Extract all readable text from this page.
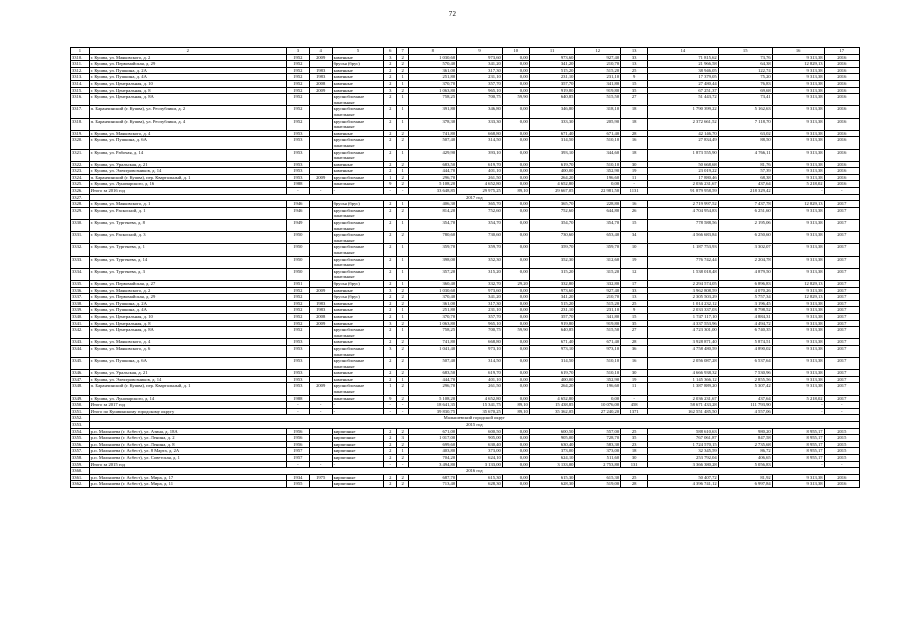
72
1	2	3	4	5	6	7	8	9	10	11	12	13	14	15	16	17
3310.	г. Кушва, ул. Маяковского, д. 2	1952	2009	каменные	3	2	1 030,60	973,60	0,00	973,60	927,40	33	71 815,62	73,76	9 313,38	2016
3311.	г. Кушва, ул. Первомайская, д. 29	1952		брусья (брус)	2	2	570,40	341,20	0,00	341,20	210,70	13	21 966,58	64,38	12 829,13	2016
3312.	г. Кушва, ул. Пушкина, д. 2А	1952	1983	каменные	2	2	361,00	317,30	0,00	515,20	515,20	25	38 946,05	122,74	9 313,38	2016
3313.	г. Кушва, ул. Пушкина, д. 4А	1952	1983	каменные	2	1	251,80	231,10	0,00	231,10	231,10	9	17 379,05	75,20	9 313,38	2016
3314.	г. Кушва, ул. Центральная, д. 10	1952	2008	каменные	2	1	370,70	357,70	0,00	357,70	341,80	15	27 480,44	76,83	9 313,38	2016
3315.	г. Кушва, ул. Центральная, д. 8	1952	2009	каменные	3	2	1 063,80	965,10	0,00	919,80	919,80	35	67 251,37	69,68	9 313,38	2016
3316.	г. Кушва, ул. Центральная, д. 8А	1952		крупноблочные панельные	2	1	758,25	700,75	59,90	640,85	515,50	27	51 443,72	73,41	9 313,38	2016
3317.	п. Баранчинский (г. Кушва), ул. Республики, д. 2	1952		крупноблочные панельные	2	1	391,80	346,80	0,00	346,80	318,10	18	1 790 399,22	5 162,63	9 313,38	2016
3318.	п. Баранчинский (г. Кушва), ул. Республики, д. 4	1952		крупноблочные панельные	2	1	378,30	333,30	0,00	333,30	205,90	18	2 372 661,52	7 118,70	9 313,38	2016
3319.	г. Кушва, ул. Маяковского, д. 4	1953		каменные	2	2	741,80	668,80	0,00	671,40	671,40	28	42 146,70	63,02	9 313,38	2016
3320.	г. Кушва, ул. Пушкина, д. 6А	1953		крупноблочные панельные	2	2	507,40	314,50	0,00	314,50	510,10	16	27 834,49	88,50	9 313,38	2016
3321.	г. Кушва, ул. Рабочая, д. 14	1953		крупноблочные панельные	2	1	429,90	393,10	0,00	393,10	344,60	18	1 873 555,90	4 766,11	9 313,38	2016
3322.	г. Кушва, ул. Уральская, д. 21	1953		каменные	2	2	683,50	619,70	0,00	619,70	510,10	30	50 668,68	81,76	9 313,38	2016
3323.	г. Кушва, ул. Электровозников, д. 14	1953		каменные	2	1	444,70	401,10	0,00	400,00	352,90	19	23 019,22	57,39	9 313,38	2016
3324.	п. Баранчинский (г. Кушва), пер. Квартальный, д. 1	1953	2009	крупноблочные	1	2	296,70	261,50	0,00	264,20	196,60	11	17 880,46	68,38	9 313,38	2016
3325.	г. Кушва, ул. Луначарского, д. 16	1988		панельные	9	2	5 108,20	4 652,80	0,00	4 652,80	0,00	-	2 036 231,67	437,64	5 218,02	2016
3326.	Итого за 2016 год	-	-	-	-	-	33 648,85	29 975,25	89,10	29 667,05	22 981,50	1131	91 879 958,59	218 329,42	-	-
3327.	2017 год															
3328.	г. Кушва, ул. Маяковского, д. 1	1946		брусья (брус)	2	1	406,30	365,70	0,00	365,70	228,80	16	2 719 997,52	7 437,78	12 829,13	2017
3329.	г. Кушва, ул. Раскосной, д. 1	1946		крупноблочные панельные	2	2	814,20	752,60	0,00	752,60	644,80	26	4 704 954,83	6 251,60	9 313,38	2017
3330.	г. Кушва, ул. Тургенева, д. 8	1949		крупноблочные панельные	2	1	354,70	354,70	0,00	354,70	354,70	15	778 588,56	2 195,06	9 313,38	2017
3331.	г. Кушва, ул. Раскосной, д. 3	1950		крупноблочные панельные	2	2	780,60	730,60	0,00	730,60	653,40	34	4 566 683,84	6 250,60	9 313,38	2017
3332.	г. Кушва, ул. Тургенева, д. 1	1950		крупноблочные панельные	2	1	359,70	359,70	0,00	359,70	359,70	10	1 187 753,93	3 302,07	9 313,38	2017
3333.	г. Кушва, ул. Тургенева, д. 14	1950		крупноблочные панельные	2	1	398,00	352,30	0,00	352,30	312,60	19	776 742,44	2 204,78	9 313,38	2017
3334.	г. Кушва, ул. Тургенева, д. 3	1950		крупноблочные панельные	2	1	357,20	315,20	0,00	315,20	315,20	12	1 538 018,48	4 879,50	9 313,38	2017
3335.	г. Кушва, ул. Первомайская, д. 27	1951		брусья (брус)	2	1	360,40	332,70	29,20	332,80	332,80	17	2 294 574,05	6 896,83	12 829,13	2017
3336.	г. Кушва, ул. Маяковского, д. 2	1952	2009	каменные	3	2	1 030,60	973,60	0,00	973,60	927,40	33	3 962 808,59	4 070,26	9 313,38	2017
3337.	г. Кушва, ул. Первомайская, д. 29	1952		брусья (брус)	2	2	370,40	341,20	0,00	341,20	210,70	13	2 305 503,29	5 757,34	12 829,13	2017
3338.	г. Кушва, ул. Пушкина, д. 2А	1952	1983	каменные	2	2	361,00	317,30	0,00	515,20	515,20	25	1 014 232,12	3 196,45	9 313,38	2017
3339.	г. Кушва, ул. Пушкина, д. 4А	1952	1983	каменные	2	1	251,80	231,10	0,00	231,10	231,10	9	2 033 337,03	8 798,52	9 313,38	2017
3340.	г. Кушва, ул. Центральная, д. 10	1952	2008	каменные	2	1	370,70	357,70	0,00	357,70	341,80	15	1 747 117,10	4 884,31	9 313,38	2017
3341.	г. Кушва, ул. Центральная, д. 8	1952	2009	каменные	3	2	1 063,80	965,10	0,00	919,80	919,80	35	4 337 553,96	4 494,72	9 313,38	2017
3342.	г. Кушва, ул. Центральная, д. 8А	1952		крупноблочные панельные	2	1	758,25	700,75	59,90	640,85	515,50	27	4 723 301,00	6 740,35	9 313,38	2017
3343.	г. Кушва, ул. Маяковского, д. 4	1953		каменные	2	2	741,80	668,80	0,00	671,40	671,40	28	3 928 871,40	5 874,51	9 313,38	2017
3344.	г. Кушва, ул. Маяковского, д. 6	1953		крупноблочные панельные	3	2	1 041,40	973,10	0,00	973,10	973,10	36	4 758 480,59	4 890,02	9 313,38	2017
3345.	г. Кушва, ул. Пушкина, д. 6А	1953		крупноблочные панельные	2	2	507,40	314,50	0,00	314,50	510,10	16	2 056 087,28	6 537,64	9 313,38	2017
3346.	г. Кушва, ул. Уральская, д. 21	1953		каменные	2	2	683,50	619,70	0,00	619,70	510,10	30	4 666 938,32	7 530,96	9 313,38	2017
3347.	г. Кушва, ул. Электровозников, д. 14	1953		каменные	2	1	444,70	401,10	0,00	400,00	352,90	19	1 145 366,12	2 855,56	9 313,38	2017
3348.	п. Баранчинский (г. Кушва), пер. Квартальный, д. 1	1953	2009	крупноблочные панельные	1	2	296,70	261,50	0,00	264,20	196,60	11	1 387 889,20	5 307,42	9 313,38	2017
3349.	г. Кушва, ул. Луначарского, д. 14	1988		панельные	9	2	5 108,20	4 652,80	0,00	4 652,80	0,00	-	2 036 231,67	437,64	5 218,02	2017
3350.	Итого за 2017 год	-	-	-	-	-	18 641,35	15 341,75	89,10	15 438,85	10 076,00	458	58 671 433,28	111 793,90	-	-
3351.	Итого по Кушвинскому городскому округу	-	-	-	-	-	39 830,75	35 670,25	89,10	35 362,05	27 240,20	1371	162 551 485,50	4 557,06	-	-
3352.	Малышевский городской округ															
3353.	2015 год															
3354.	р.п. Малышева (г. Асбест), ул. Азина, д. 18А	1956		кирпичные	2	2	671,00	600,50	0,00	600,50	557,00	25	588 610,63	980,20	8 955,17	2015
3355.	р.п. Малышева (г. Асбест), ул. Ленина, д. 2	1956		кирпичные	2	3	1 017,00	905,00	0,00	905,00	728,70	35	767 061,87	847,58	8 955,17	2015
3356.	р.п. Малышева (г. Асбест), ул. Ленина, д. 8	1956		кирпичные	2	2	699,60	630,40	0,00	630,40	583,30	23	1 724 570,15	2 735,68	8 955,17	2015
3357.	р.п. Малышева (г. Асбест), ул. 8 Марта, д. 2А	1957		кирпичные	2	1	403,80	373,00	0,00	373,00	373,00	18	32 345,59	86,72	8 955,17	2015
3358.	р.п. Малышева (г. Асбест), ул. Советская, д. 1	1957		кирпичные	2	2	704,20	624,10	0,00	624,10	511,60	30	253 792,04	406,65	8 955,17	2015
3359.	Итого за 2015 год	-	-	-	-	-	3 494,80	3 133,00	0,00	3 133,00	2 753,80	131	3 366 380,28	5 056,83	-	-
3360.	2016 год															
3361.	р.п. Малышева (г. Асбест), ул. Мира, д. 17	1934	1975	кирпичные	2	2	687,70	615,30	0,00	615,30	615,30	25	50 407,72	81,92	9 313,38	2016
3362.	р.п. Малышева (г. Асбест), ул. Мира, д. 11	1955		кирпичные	2	2	713,40	628,30	0,00	628,30	519,00	28	4 396 741,12	6 997,84	9 313,38	2016
